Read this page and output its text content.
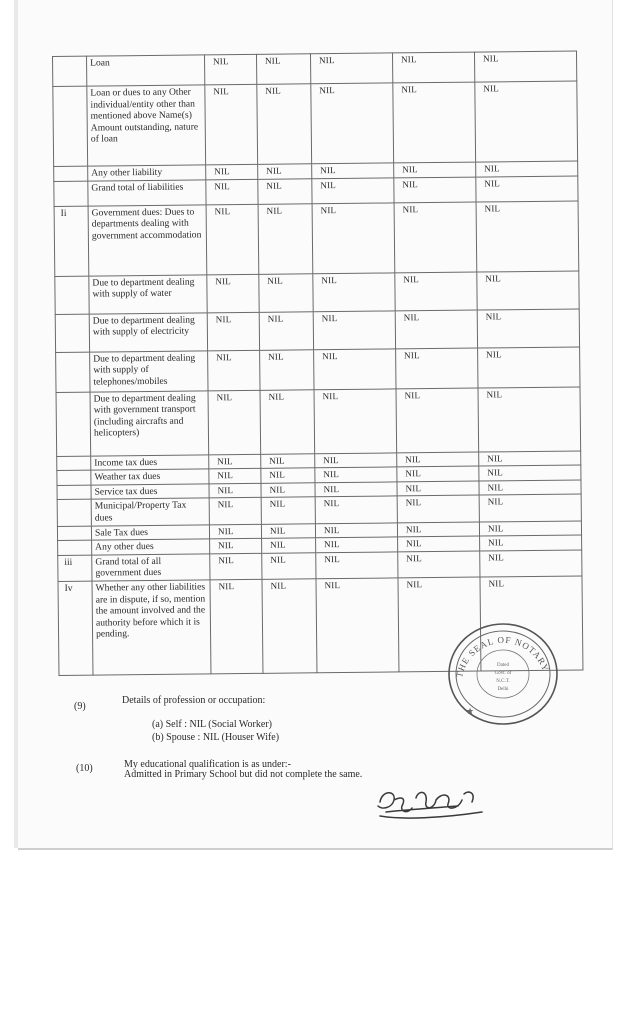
	Loan	NIL	NIL	NIL	NIL	NIL
	Loan or dues to any Other individual/entity other than mentioned above Name(s) Amount outstanding, nature of loan	NIL	NIL	NIL	NIL	NIL
	Any other liability	NIL	NIL	NIL	NIL	NIL
	Grand total of liabilities	NIL	NIL	NIL	NIL	NIL
Ii	Government dues: Dues to departments dealing with government accommodation	NIL	NIL	NIL	NIL	NIL
	Due to department dealing with supply of water	NIL	NIL	NIL	NIL	NIL
	Due to department dealing with supply of electricity	NIL	NIL	NIL	NIL	NIL
	Due to department dealing with supply of telephones/mobiles	NIL	NIL	NIL	NIL	NIL
	Due to department dealing with government transport (including aircrafts and helicopters)	NIL	NIL	NIL	NIL	NIL
	Income tax dues	NIL	NIL	NIL	NIL	NIL
	Weather tax dues	NIL	NIL	NIL	NIL	NIL
	Service tax dues	NIL	NIL	NIL	NIL	NIL
	Municipal/Property Tax dues	NIL	NIL	NIL	NIL	NIL
	Sale Tax dues	NIL	NIL	NIL	NIL	NIL
	Any other dues	NIL	NIL	NIL	NIL	NIL
iii	Grand total of all government dues	NIL	NIL	NIL	NIL	NIL
Iv	Whether any other liabilities are in dispute, if so, mention the amount involved and the authority before which it is pending.	NIL	NIL	NIL	NIL	NIL
(9)
Details of profession or occupation:
(a) Self : NIL (Social Worker)
(b) Spouse : NIL (Houser Wife)
(10)	My educational qualification is as under:-
Admitted in Primary School but did not complete the same.
THE SEAL OF NOTARY
Dated
Govt. of
N.C.T.
Delhi
★
